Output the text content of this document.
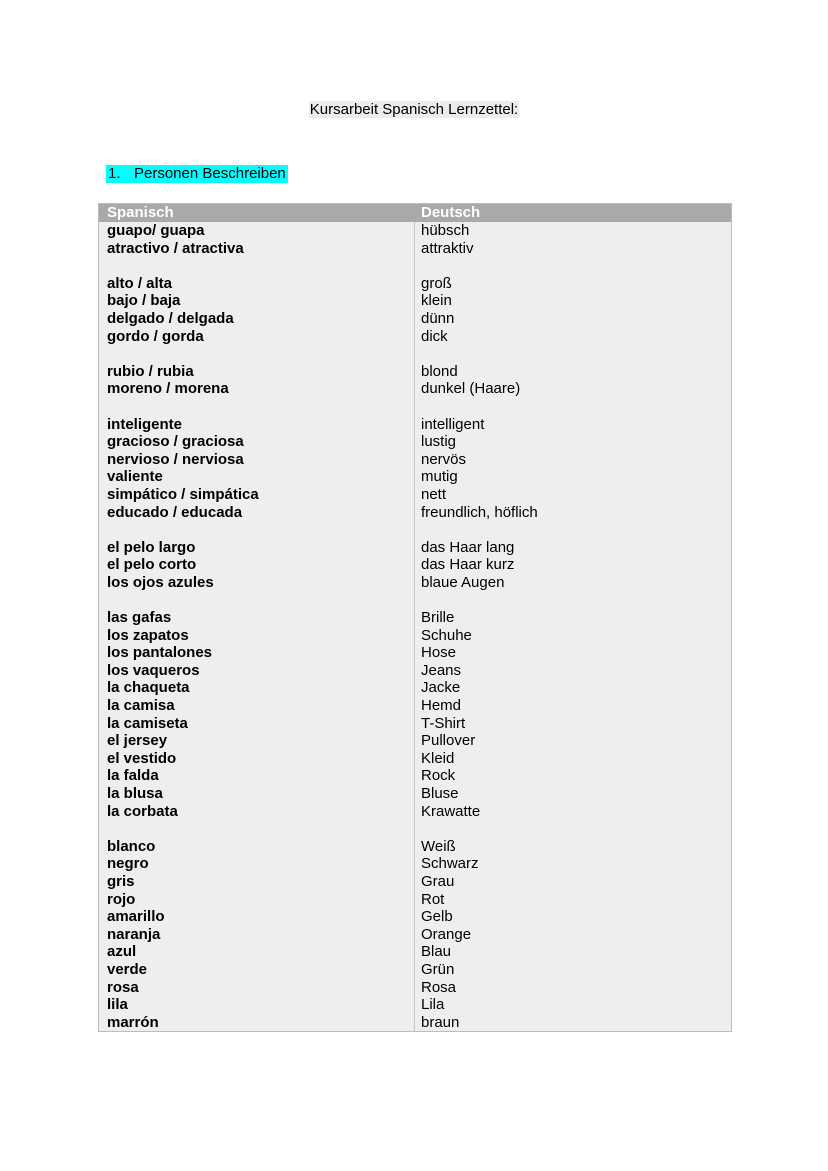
Kursarbeit Spanisch Lernzettel:
1. Personen Beschreiben
Spanisch	Deutsch
guapo/ guapa	hübsch
atractivo / atractiva	attraktiv
alto / alta	groß
bajo / baja	klein
delgado / delgada	dünn
gordo / gorda	dick
rubio / rubia	blond
moreno / morena	dunkel (Haare)
inteligente	intelligent
gracioso / graciosa	lustig
nervioso / nerviosa	nervös
valiente	mutig
simpático / simpática	nett
educado / educada	freundlich, höflich
el pelo largo	das Haar lang
el pelo corto	das Haar kurz
los ojos azules	blaue Augen
las gafas	Brille
los zapatos	Schuhe
los pantalones	Hose
los vaqueros	Jeans
la chaqueta	Jacke
la camisa	Hemd
la camiseta	T-Shirt
el jersey	Pullover
el vestido	Kleid
la falda	Rock
la blusa	Bluse
la corbata	Krawatte
blanco	Weiß
negro	Schwarz
gris	Grau
rojo	Rot
amarillo	Gelb
naranja	Orange
azul	Blau
verde	Grün
rosa	Rosa
lila	Lila
marrón	braun
